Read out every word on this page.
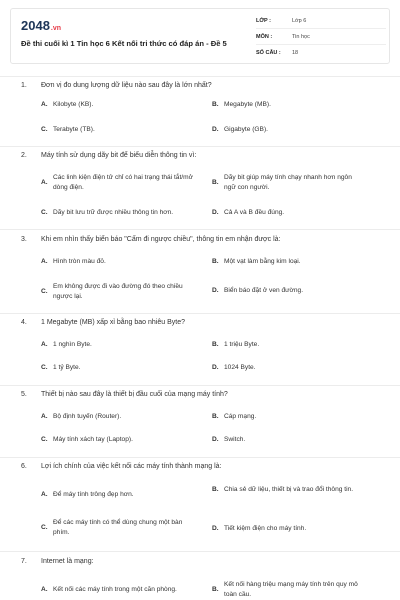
2048.vn
Đề thi cuối kì 1 Tin học 6 Kết nối tri thức có đáp án - Đề 5
LỚP :	Lớp 6
MÔN :	Tin học
SỐ CÂU :	18
1. Đơn vị đo dung lượng dữ liệu nào sau đây là lớn nhất?
A. Kilobyte (KB).	B. Megabyte (MB).
C. Terabyte (TB).	D. Gigabyte (GB).
2. Máy tính sử dụng dãy bit để biểu diễn thông tin vì:
A.
Các linh kiện điện tử chỉ có hai trạng thái tắt/mở dòng điện.
B.
Dãy bit giúp máy tính chạy nhanh hơn ngôn ngữ con người.
C. Dãy bit lưu trữ được nhiều thông tin hơn.	D. Cả A và B đều đúng.
3. Khi em nhìn thấy biển báo "Cấm đi ngược chiều", thông tin em nhận được là:
A. Hình tròn màu đỏ.	B. Một vạt làm bằng kim loại.
C.
Em không được đi vào đường đó theo chiều ngược lại.
D. Biển báo đặt ở ven đường.
4. 1 Megabyte (MB) xấp xỉ bằng bao nhiêu Byte?
A. 1 nghìn Byte.	B. 1 triệu Byte.
C. 1 tỷ Byte.	D. 1024 Byte.
5. Thiết bị nào sau đây là thiết bị đầu cuối của mạng máy tính?
A. Bộ định tuyến (Router).	B. Cáp mạng.
C. Máy tính xách tay (Laptop).	D. Switch.
6. Lợi ích chính của việc kết nối các máy tính thành mạng là:
A. Để máy tính trông đẹp hơn.
B. Chia sẻ dữ liệu, thiết bị và trao đổi thông tin.
C.
Để các máy tính có thể dùng chung một bàn phím.
D. Tiết kiệm điện cho máy tính.
7. Internet là mạng:
A. Kết nối các máy tính trong một căn phòng.	B.
Kết nối hàng triệu mạng máy tính trên quy mô toàn cầu.
